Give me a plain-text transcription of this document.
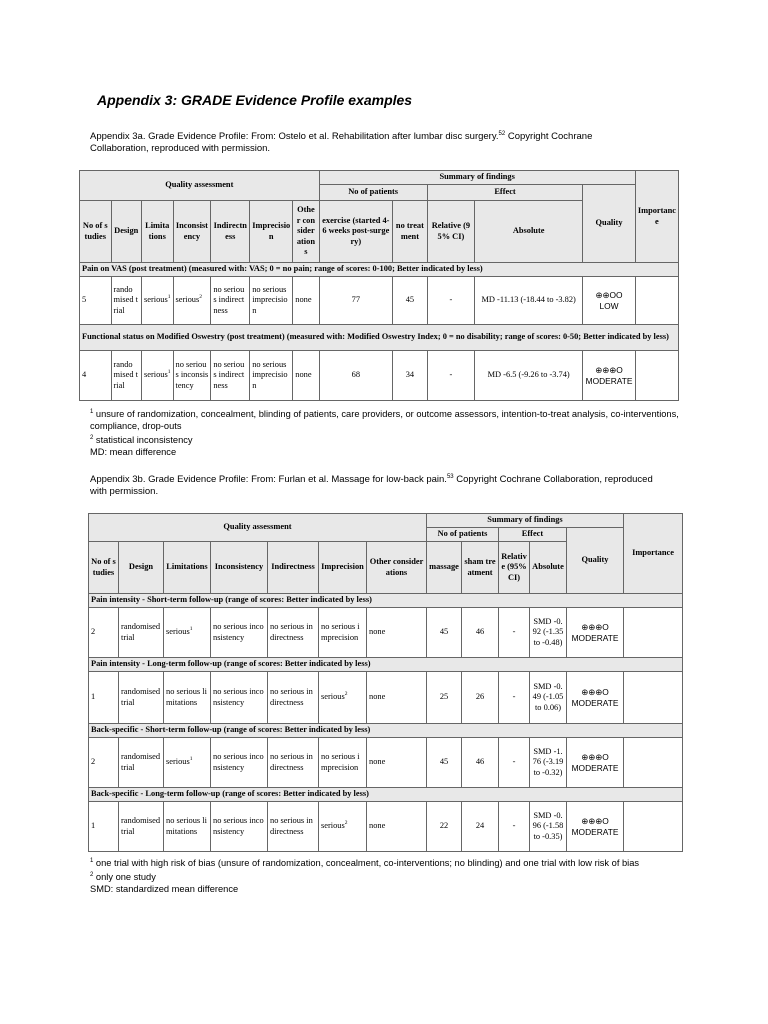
Appendix 3: GRADE Evidence Profile examples
Appendix 3a. Grade Evidence Profile: From: Ostelo et al. Rehabilitation after lumbar disc surgery.$^{52}$ Copyright Cochrane Collaboration, reproduced with permission.
Quality assessment							Summary of findings					Importance
							No of patients		Effect		Quality	
No of studies	Design	Limitations	Inconsistency	Indirectness	Imprecision	Other considerations	exercise (started 4-6 weeks post-surgery)	no treatment	Relative (95% CI)	Absolute		
Pain on VAS (post treatment) (measured with: VAS; 0 = no pain; range of scores: 0-100; Better indicated by less)												
5	randomised trial	serious$^1$	serious$^2$	no serious indirectness	no serious imprecision	none	77	45	-	MD -11.13 (-18.44 to -3.82)	⊕⊕OO
LOW	

Functional status on Modified Oswestry (post treatment) (measured with: Modified Oswestry Index; 0 = no disability; range of scores: 0-50; Better indicated by less)												
4	randomised trial	serious$^1$	no serious inconsistency	no serious indirectness	no serious imprecision	none	68	34	-	MD -6.5 (-9.26 to -3.74)	⊕⊕⊕O
MODERATE	

$^1$ unsure of randomization, concealment, blinding of patients, care providers, or outcome assessors, intention-to-treat analysis, co-interventions, compliance, drop-outs
$^2$ statistical inconsistency
MD: mean difference
Appendix 3b. Grade Evidence Profile: From: Furlan et al. Massage for low-back pain.$^{53}$ Copyright Cochrane Collaboration, reproduced with permission.
Quality assessment							Summary of findings					Importance
							No of patients		Effect		Quality	
No of studies	Design	Limitations	Inconsistency	Indirectness	Imprecision	Other considerations	massage	sham treatment	Relative (95% CI)	Absolute		
Pain intensity - Short-term follow-up (range of scores: Better indicated by less)												
2	randomised trial	serious$^1$	no serious inconsistency	no serious indirectness	no serious imprecision	none	45	46	-	SMD -0.92 (-1.35 to -0.48)	⊕⊕⊕O
MODERATE	

Pain intensity - Long-term follow-up (range of scores: Better indicated by less)												
1	randomised trial	no serious limitations	no serious inconsistency	no serious indirectness	serious$^2$	none	25	26	-	SMD -0.49 (-1.05 to 0.06)	⊕⊕⊕O
MODERATE	

Back-specific - Short-term follow-up (range of scores: Better indicated by less)												
2	randomised trial	serious$^1$	no serious inconsistency	no serious indirectness	no serious imprecision	none	45	46	-	SMD -1.76 (-3.19 to -0.32)	⊕⊕⊕O
MODERATE	

Back-specific - Long-term follow-up (range of scores: Better indicated by less)												
1	randomised trial	no serious limitations	no serious inconsistency	no serious indirectness	serious$^2$	none	22	24	-	SMD -0.96 (-1.58 to -0.35)	⊕⊕⊕O
MODERATE	

$^1$ one trial with high risk of bias (unsure of randomization, concealment, co-interventions; no blinding) and one trial with low risk of bias
$^2$ only one study
SMD: standardized mean difference
